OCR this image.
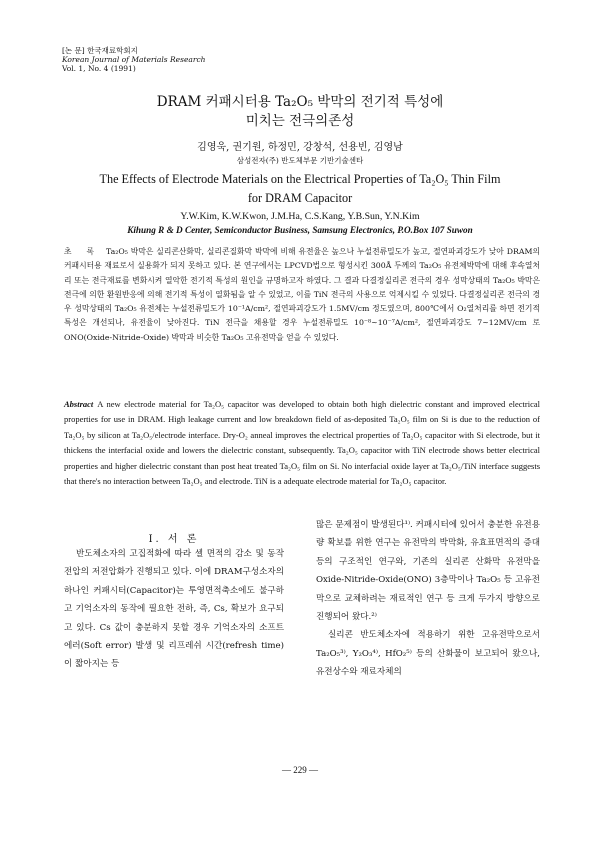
[논 문] 한국재료학회지
Korean Journal of Materials Research
Vol. 1, No. 4 (1991)
DRAM 커패시터용 Ta₂O₅ 박막의 전기적 특성에
미치는 전극의존성
김영욱, 권기원, 하정민, 강창석, 선용빈, 김영남
삼성전자(주) 반도체부문 기반기술센타
The Effects of Electrode Materials on the Electrical Properties of Ta₂O₅ Thin Film
for DRAM Capacitor
Y.W.Kim, K.W.Kwon, J.M.Ha, C.S.Kang, Y.B.Sun, Y.N.Kim
Kihung R & D Center, Semiconductor Business, Samsung Electronics, P.O.Box 107 Suwon
초 록 Ta₂O₅ 박막은 실리콘산화막, 실리콘질화막 박막에 비해 유전율은 높으나 누설전류밀도가 높고, 절연파괴강도가 낮아 DRAM의 커패시터용 재료로서 실용화가 되지 못하고 있다. 본 연구에서는 LPCVD법으로 형성시킨 300Å 두께의 Ta₂O₅ 유전체박막에 대해 후속열처리 또는 전극재료를 변화시켜 열악한 전기적 특성의 원인을 규명하고자 하였다. 그 결과 다결정실리콘 전극의 경우 성막상태의 Ta₂O₅ 박막은 전극에 의한 환원반응에 의해 전기적 특성이 열화됨을 알 수 있었고, 이를 TiN 전극의 사용으로 억제시킬 수 있었다. 다결정실리콘 전극의 경우 성막상태의 Ta₂O₅ 유전체는 누설전류밀도가 10⁻¹A/cm², 절연파괴강도가 1.5MV/cm 정도였으며, 800℃에서 O₂열처리를 하면 전기적 특성은 개선되나, 유전율이 낮아진다. TiN 전극을 채용할 경우 누설전류밀도 10⁻⁸~10⁻⁷A/cm², 절연파괴강도 7~12MV/cm 로 ONO(Oxide-Nitride-Oxide) 박막과 비슷한 Ta₂O₅ 고유전막을 얻을 수 있었다.
Abstract A new electrode material for Ta₂O₅ capacitor was developed to obtain both high dielectric constant and improved electrical properties for use in DRAM. High leakage current and low breakdown field of as-deposited Ta₂O₅ film on Si is due to the reduction of Ta₂O₅ by silicon at Ta₂O₅/electrode interface. Dry-O₂ anneal improves the electrical properties of Ta₂O₅ capacitor with Si electrode, but it thickens the interfacial oxide and lowers the dielectric constant, subsequently. Ta₂O₅ capacitor with TiN electrode shows better electrical properties and higher dielectric constant than post heat treated Ta₂O₅ film on Si. No interfacial oxide layer at Ta₂O₅/TiN interface suggests that there's no interaction between Ta₂O₅ and electrode. TiN is a adequate electrode material for Ta₂O₅ capacitor.
I. 서 론

반도체소자의 고집적화에 따라 셀 면적의 감소 및 동작전압의 저전압화가 진행되고 있다. 이에 DRAM구성소자의 하나인 커패시터(Capacitor)는 투영면적축소에도 불구하고 기억소자의 동작에 필요한 전하, 즉, Cs, 확보가 요구되고 있다. Cs 값이 충분하지 못할 경우 기억소자의 소프트 에러(Soft error) 발생 및 리프레쉬 시간(refresh time)이 짧아지는 등

많은 문제점이 발생된다¹⁾. 커패시터에 있어서 충분한 유전용량 확보를 위한 연구는 유전막의 박막화, 유효표면적의 증대 등의 구조적인 연구와, 기존의 실리콘 산화막 유전막을 Oxide-Nitride-Oxide(ONO) 3층막이나 Ta₂O₅ 등 고유전막으로 교체하려는 재료적인 연구 등 크게 두가지 방향으로 진행되어 왔다.²⁾

실리콘 반도체소자에 적용하기 위한 고유전막으로서 Ta₂O₅³⁾, Y₂O₃⁴⁾, HfO₂⁵⁾ 등의 산화물이 보고되어 왔으나, 유전상수와 재료자체의

— 229 —
